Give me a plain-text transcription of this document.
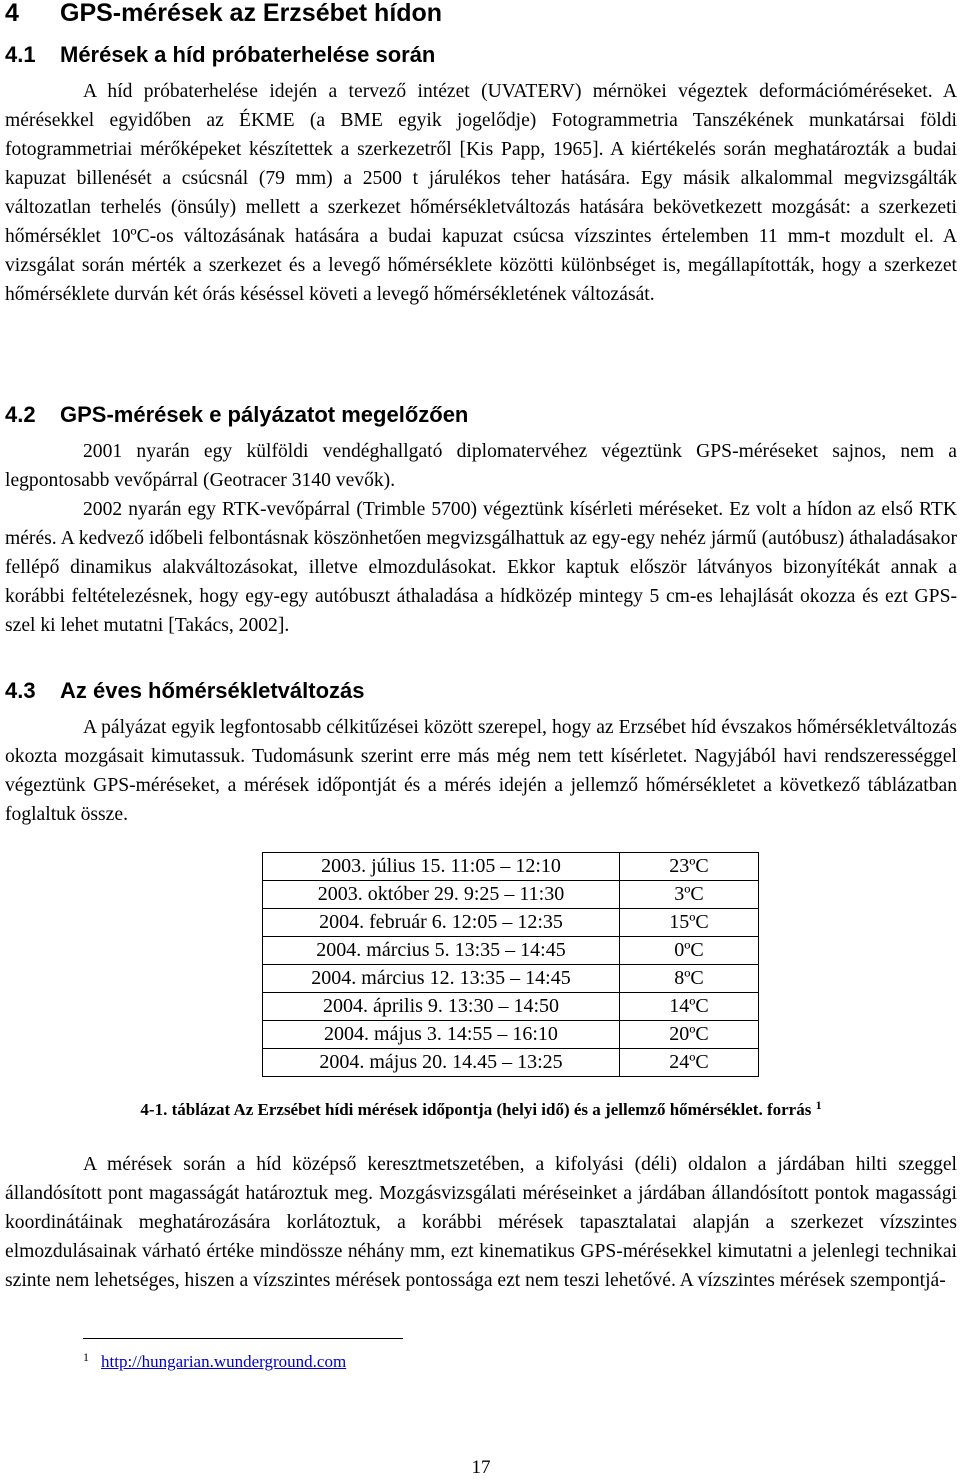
4 GPS-mérések az Erzsébet hídon
4.1 Mérések a híd próbaterhelése során

A híd próbaterhelése idején a tervező intézet (UVATERV) mérnökei végeztek deformációméréseket. A mérésekkel egyidőben az ÉKME (a BME egyik jogelődje) Fotogrammetria Tanszékének munkatársai földi fotogrammetriai mérőképeket készítettek a szerkezetről [Kis Papp, 1965]. A kiértékelés során meghatározták a budai kapuzat billenését a csúcsnál (79 mm) a 2500 t járulékos teher hatására. Egy másik alkalommal megvizsgálták változatlan terhelés (önsúly) mellett a szerkezet hőmérsékletváltozás hatására bekövetkezett mozgását: a szerkezeti hőmérséklet 10ºC-os változásának hatására a budai kapuzat csúcsa vízszintes értelemben 11 mm-t mozdult el. A vizsgálat során mérték a szerkezet és a levegő hőmérséklete közötti különbséget is, megállapították, hogy a szerkezet hőmérséklete durván két órás késéssel követi a levegő hőmérsékletének változását.

4.2 GPS-mérések e pályázatot megelőzően

2001 nyarán egy külföldi vendéghallgató diplomatervéhez végeztünk GPS-méréseket sajnos, nem a legpontosabb vevőpárral (Geotracer 3140 vevők).

2002 nyarán egy RTK-vevőpárral (Trimble 5700) végeztünk kísérleti méréseket. Ez volt a hídon az első RTK mérés. A kedvező időbeli felbontásnak köszönhetően megvizsgálhattuk az egy-egy nehéz jármű (autóbusz) áthaladásakor fellépő dinamikus alakváltozásokat, illetve elmozdulásokat. Ekkor kaptuk először látványos bizonyítékát annak a korábbi feltételezésnek, hogy egy-egy autóbuszt áthaladása a hídközép mintegy 5 cm-es lehajlását okozza és ezt GPS-szel ki lehet mutatni [Takács, 2002].

4.3 Az éves hőmérsékletváltozás

A pályázat egyik legfontosabb célkitűzései között szerepel, hogy az Erzsébet híd évszakos hőmérsékletváltozás okozta mozgásait kimutassuk. Tudomásunk szerint erre más még nem tett kísérletet. Nagyjából havi rendszerességgel végeztünk GPS-méréseket, a mérések időpontját és a mérés idején a jellemző hőmérsékletet a következő táblázatban foglaltuk össze.

2003. július 15. 11:05 – 12:10	23ºC
2003. október 29. 9:25 – 11:30	3ºC
2004. február 6. 12:05 – 12:35	15ºC
2004. március 5. 13:35 – 14:45	0ºC
2004. március 12. 13:35 – 14:45	8ºC
2004. április 9. 13:30 – 14:50	14ºC
2004. május 3. 14:55 – 16:10	20ºC
2004. május 20. 14.45 – 13:25	24ºC
4-1. táblázat Az Erzsébet hídi mérések időpontja (helyi idő) és a jellemző hőmérséklet. forrás $^1$

A mérések során a híd középső keresztmetszetében, a kifolyási (déli) oldalon a járdában hilti szeggel állandósított pont magasságát határoztuk meg. Mozgásvizsgálati méréseinket a járdában állandósított pontok magassági koordinátáinak meghatározására korlátoztuk, a korábbi mérések tapasztalatai alapján a szerkezet vízszintes elmozdulásainak várható értéke mindössze néhány mm, ezt kinematikus GPS-mérésekkel kimutatni a jelenlegi technikai szinte nem lehetséges, hiszen a vízszintes mérések pontossága ezt nem teszi lehetővé. A vízszintes mérések szempontjá-

$^1$ http://hungarian.wunderground.com
17
